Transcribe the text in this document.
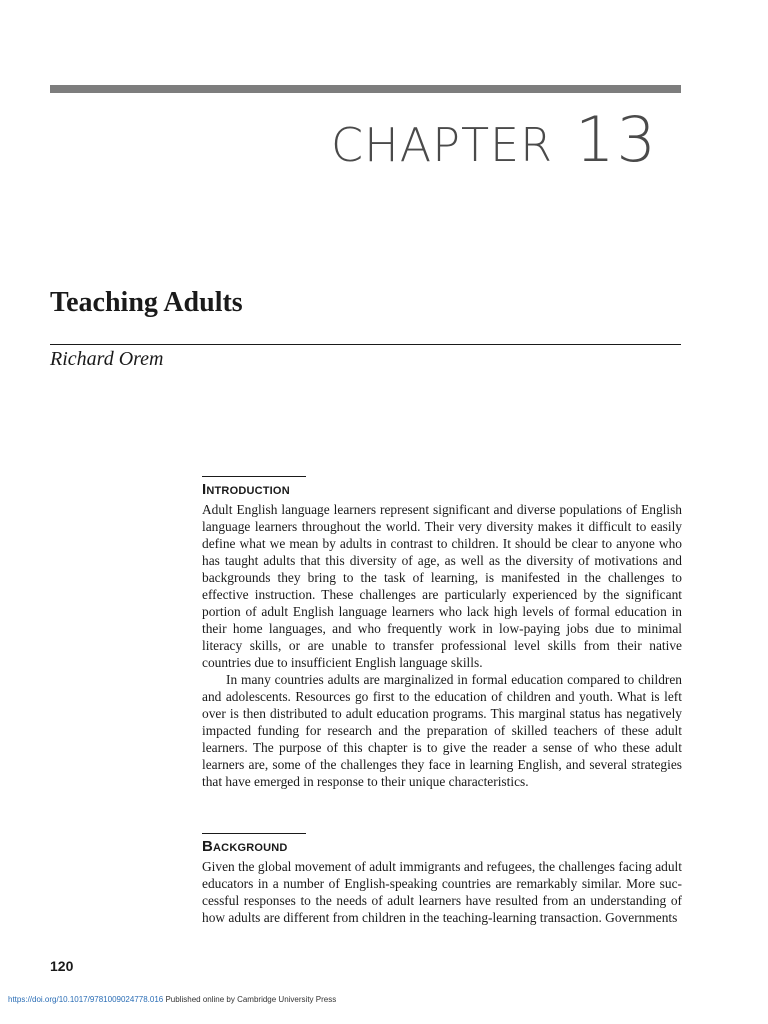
CHAPTER 13
Teaching Adults
Richard Orem
Introduction

Adult English language learners represent significant and diverse populations of English language learners throughout the world. Their very diversity makes it difficult to easily define what we mean by adults in contrast to children. It should be clear to anyone who has taught adults that this diversity of age, as well as the diversity of motivations and backgrounds they bring to the task of learning, is manifested in the challenges to effective instruction. These challenges are particularly experienced by the significant portion of adult English language learners who lack high levels of formal education in their home languages, and who frequently work in low-paying jobs due to minimal literacy skills, or are unable to transfer professional level skills from their native countries due to insufficient English language skills.

In many countries adults are marginalized in formal education compared to children and adolescents. Resources go first to the education of children and youth. What is left over is then distributed to adult education programs. This marginal status has negatively impacted funding for research and the preparation of skilled teachers of these adult learners. The purpose of this chapter is to give the reader a sense of who these adult learners are, some of the challenges they face in learning English, and several strategies that have emerged in response to their unique characteristics.

Background

Given the global movement of adult immigrants and refugees, the challenges facing adult educators in a number of English-speaking countries are remarkably similar. More suc-cessful responses to the needs of adult learners have resulted from an understanding of how adults are different from children in the teaching-learning transaction. Governments

120
https://doi.org/10.1017/9781009024778.016 Published online by Cambridge University Press
